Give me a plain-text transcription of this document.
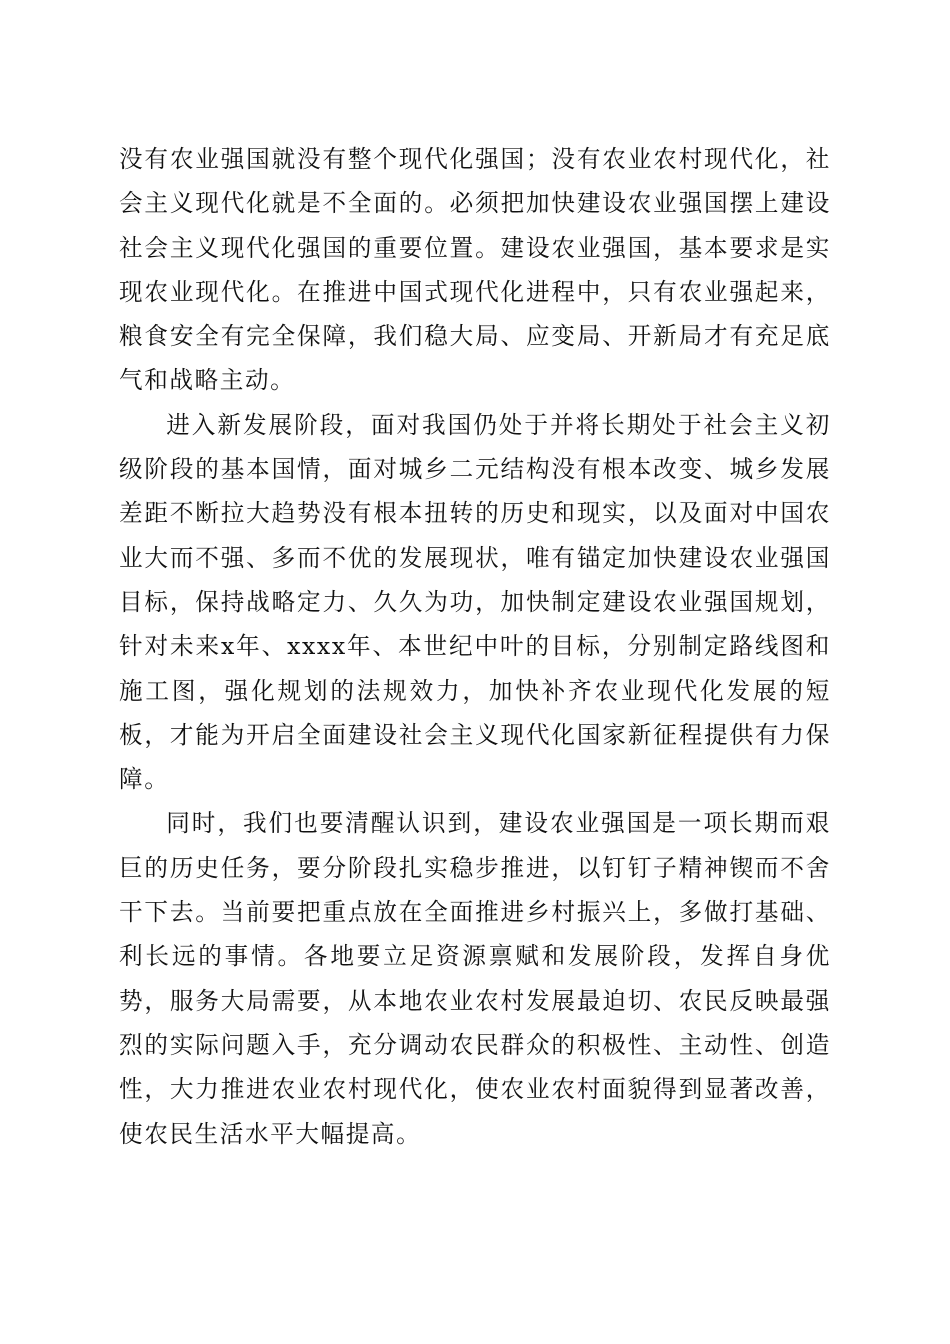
没有农业强国就没有整个现代化强国；没有农业农村现代化，社会主义现代化就是不全面的。必须把加快建设农业强国摆上建设社会主义现代化强国的重要位置。建设农业强国，基本要求是实现农业现代化。在推进中国式现代化进程中，只有农业强起来，粮食安全有完全保障，我们稳大局、应变局、开新局才有充足底气和战略主动。

进入新发展阶段，面对我国仍处于并将长期处于社会主义初级阶段的基本国情，面对城乡二元结构没有根本改变、城乡发展差距不断拉大趋势没有根本扭转的历史和现实，以及面对中国农业大而不强、多而不优的发展现状，唯有锚定加快建设农业强国目标，保持战略定力、久久为功，加快制定建设农业强国规划，针对未来x年、xxxx年、本世纪中叶的目标，分别制定路线图和施工图，强化规划的法规效力，加快补齐农业现代化发展的短板，才能为开启全面建设社会主义现代化国家新征程提供有力保障。

同时，我们也要清醒认识到，建设农业强国是一项长期而艰巨的历史任务，要分阶段扎实稳步推进，以钉钉子精神锲而不舍干下去。当前要把重点放在全面推进乡村振兴上，多做打基础、利长远的事情。各地要立足资源禀赋和发展阶段，发挥自身优势，服务大局需要，从本地农业农村发展最迫切、农民反映最强烈的实际问题入手，充分调动农民群众的积极性、主动性、创造性，大力推进农业农村现代化，使农业农村面貌得到显著改善，使农民生活水平大幅提高。
